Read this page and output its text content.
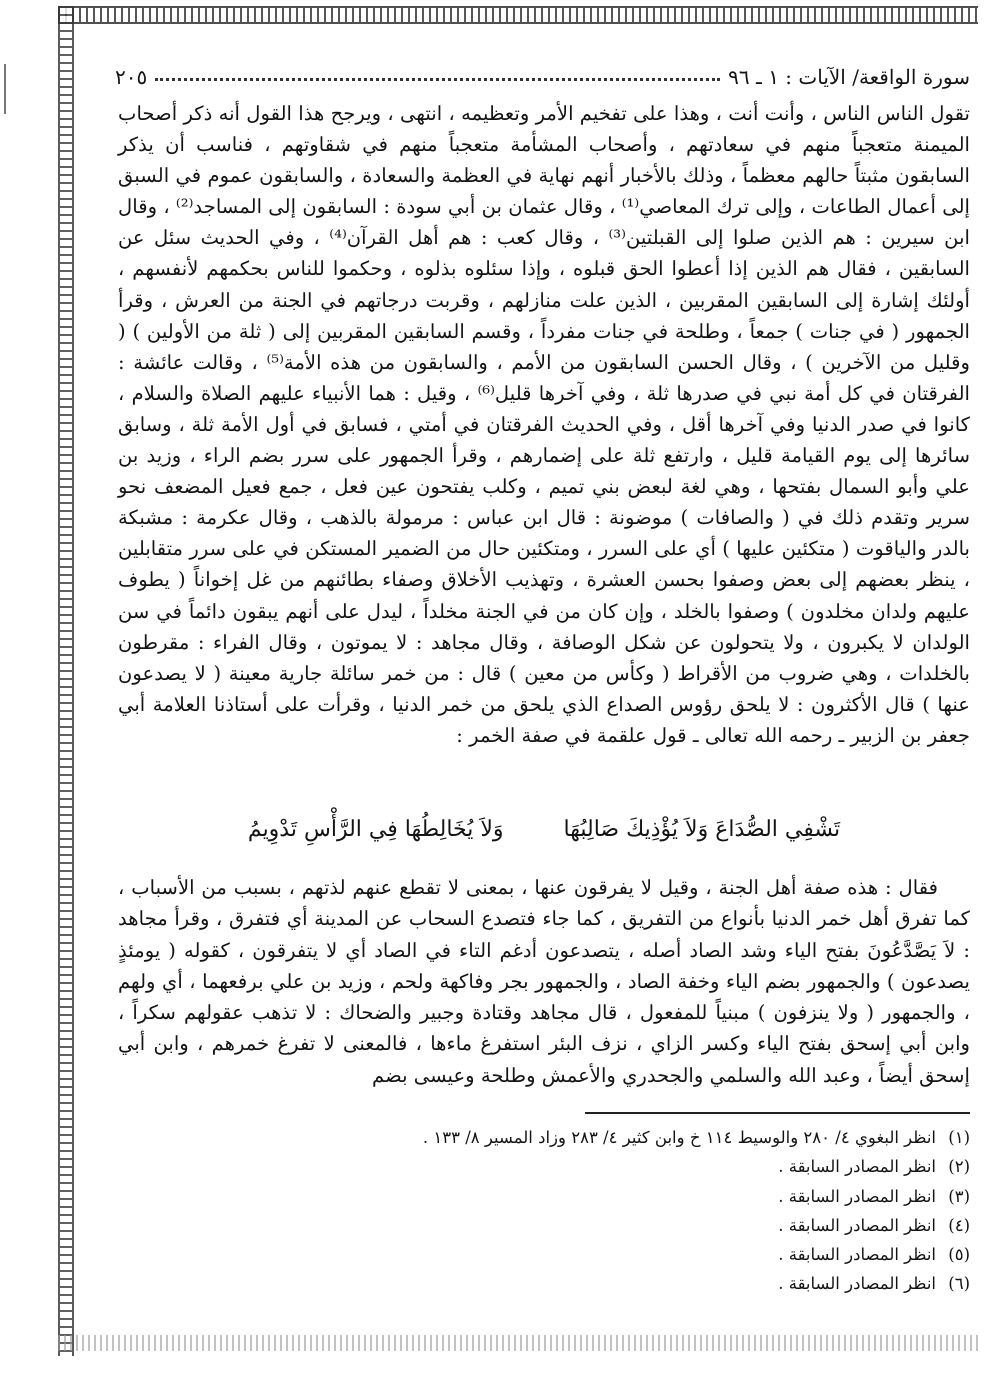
سورة الواقعة/ الآيات : ١ ـ ٩٦
٢٠٥

تقول الناس الناس ، وأنت أنت ، وهذا على تفخيم الأمر وتعظيمه ، انتهى ، ويرجح هذا القول أنه ذكر أصحاب الميمنة متعجباً منهم في سعادتهم ، وأصحاب المشأمة متعجباً منهم في شقاوتهم ، فناسب أن يذكر السابقون مثبتاً حالهم معظماً ، وذلك بالأخبار أنهم نهاية في العظمة والسعادة ، والسابقون عموم في السبق إلى أعمال الطاعات ، وإلى ترك المعاصي⁽¹⁾ ، وقال عثمان بن أبي سودة : السابقون إلى المساجد⁽²⁾ ، وقال ابن سيرين : هم الذين صلوا إلى القبلتين⁽³⁾ ، وقال كعب : هم أهل القرآن⁽⁴⁾ ، وفي الحديث سئل عن السابقين ، فقال هم الذين إذا أعطوا الحق قبلوه ، وإذا سئلوه بذلوه ، وحكموا للناس بحكمهم لأنفسهم ، أولئك إشارة إلى السابقين المقربين ، الذين علت منازلهم ، وقربت درجاتهم في الجنة من العرش ، وقرأ الجمهور ( في جنات ) جمعاً ، وطلحة في جنات مفرداً ، وقسم السابقين المقربين إلى ( ثلة من الأولين ) ( وقليل من الآخرين ) ، وقال الحسن السابقون من الأمم ، والسابقون من هذه الأمة⁽⁵⁾ ، وقالت عائشة : الفرقتان في كل أمة نبي في صدرها ثلة ، وفي آخرها قليل⁽⁶⁾ ، وقيل : هما الأنبياء عليهم الصلاة والسلام ، كانوا في صدر الدنيا وفي آخرها أقل ، وفي الحديث الفرقتان في أمتي ، فسابق في أول الأمة ثلة ، وسابق سائرها إلى يوم القيامة قليل ، وارتفع ثلة على إضمارهم ، وقرأ الجمهور على سرر بضم الراء ، وزيد بن علي وأبو السمال بفتحها ، وهي لغة لبعض بني تميم ، وكلب يفتحون عين فعل ، جمع فعيل المضعف نحو سرير وتقدم ذلك في ( والصافات ) موضونة : قال ابن عباس : مرمولة بالذهب ، وقال عكرمة : مشبكة بالدر والياقوت ( متكئين عليها ) أي على السرر ، ومتكئين حال من الضمير المستكن في على سرر متقابلين ، ينظر بعضهم إلى بعض وصفوا بحسن العشرة ، وتهذيب الأخلاق وصفاء بطائنهم من غل إخواناً ( يطوف عليهم ولدان مخلدون ) وصفوا بالخلد ، وإن كان من في الجنة مخلداً ، ليدل على أنهم يبقون دائماً في سن الولدان لا يكبرون ، ولا يتحولون عن شكل الوصافة ، وقال مجاهد : لا يموتون ، وقال الفراء : مقرطون بالخلدات ، وهي ضروب من الأقراط ( وكأس من معين ) قال : من خمر سائلة جارية معينة ( لا يصدعون عنها ) قال الأكثرون : لا يلحق رؤوس الصداع الذي يلحق من خمر الدنيا ، وقرأت على أستاذنا العلامة أبي جعفر بن الزبير ـ رحمه الله تعالى ـ قول علقمة في صفة الخمر :

تَشْفِي الصُّدَاعَ وَلاَ يُؤْذِيكَ صَالِبُهَا
وَلاَ يُخَالِطُهَا فِي الرَّأْسِ تَدْوِيمُ

فقال : هذه صفة أهل الجنة ، وقيل لا يفرقون عنها ، بمعنى لا تقطع عنهم لذتهم ، بسبب من الأسباب ، كما تفرق أهل خمر الدنيا بأنواع من التفريق ، كما جاء فتصدع السحاب عن المدينة أي فتفرق ، وقرأ مجاهد : لاَ يَصَّدَّعُونَ بفتح الياء وشد الصاد أصله ، يتصدعون أدغم التاء في الصاد أي لا يتفرقون ، كقوله ( يومئذٍ يصدعون ) والجمهور بضم الياء وخفة الصاد ، والجمهور بجر وفاكهة ولحم ، وزيد بن علي برفعهما ، أي ولهم ، والجمهور ( ولا ينزفون ) مبنياً للمفعول ، قال مجاهد وقتادة وجبير والضحاك : لا تذهب عقولهم سكراً ، وابن أبي إسحق بفتح الياء وكسر الزاي ، نزف البئر استفرغ ماءها ، فالمعنى لا تفرغ خمرهم ، وابن أبي إسحق أيضاً ، وعبد الله والسلمي والجحدري والأعمش وطلحة وعيسى بضم

(١)انظر البغوي ٤/ ٢٨٠ والوسيط ١١٤ خ وابن كثير ٤/ ٢٨٣ وزاد المسير ٨/ ١٣٣ .
(٢)انظر المصادر السابقة .
(٣)انظر المصادر السابقة .
(٤)انظر المصادر السابقة .
(٥)انظر المصادر السابقة .
(٦)انظر المصادر السابقة .
